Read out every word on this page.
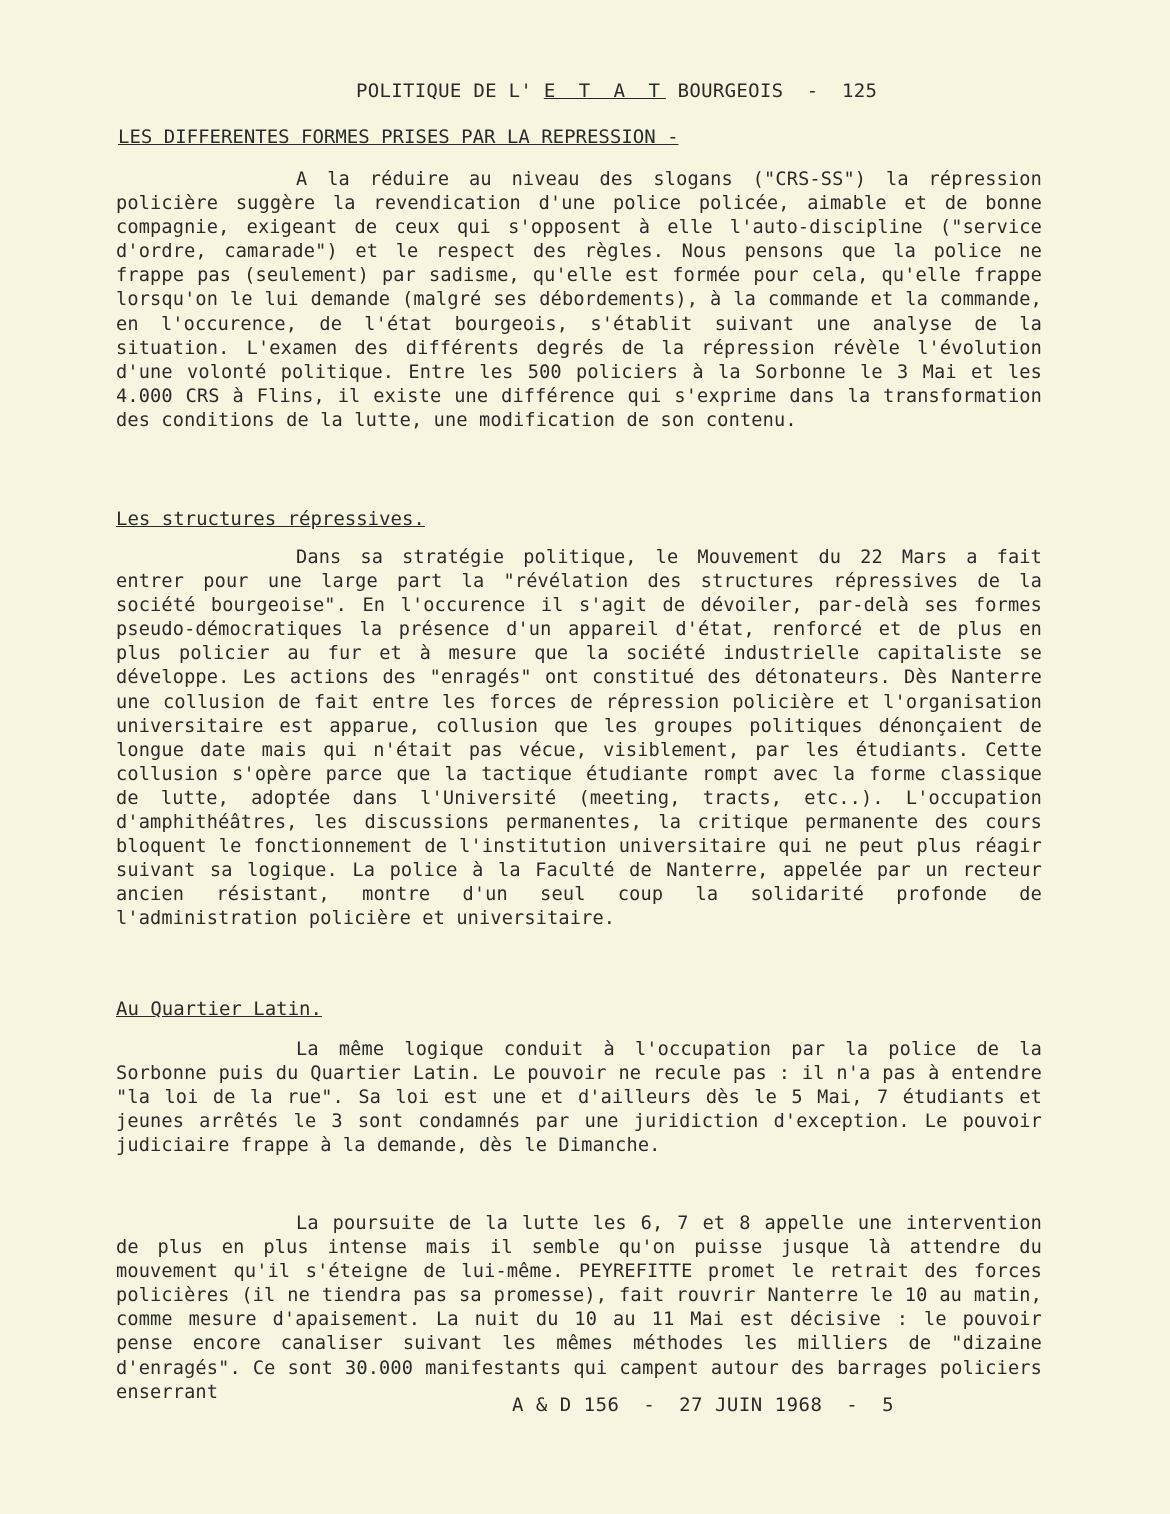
POLITIQUE DE L' E T A T BOURGEOIS  -  125
LES DIFFERENTES FORMES PRISES PAR LA REPRESSION -

A la réduire au niveau des slogans ("CRS-SS") la répression policière suggère la revendication d'une police policée, aimable et de bonne compagnie, exigeant de ceux qui s'opposent à elle l'auto-discipline ("service d'ordre, camarade") et le respect des règles. Nous pensons que la police ne frappe pas (seulement) par sadisme, qu'elle est formée pour cela, qu'elle frappe lorsqu'on le lui demande (malgré ses débordements), à la commande et la commande, en l'occurence, de l'état bourgeois, s'établit suivant une analyse de la situation. L'examen des différents degrés de la répression révèle l'évolution d'une volonté politique. Entre les 500 policiers à la Sorbonne le 3 Mai et les 4.000 CRS à Flins, il existe une différence qui s'exprime dans la transformation des conditions de la lutte, une modification de son contenu.

Les structures répressives.

Dans sa stratégie politique, le Mouvement du 22 Mars a fait entrer pour une large part la "révélation des structures répressives de la société bourgeoise". En l'occurence il s'agit de dévoiler, par-delà ses formes pseudo-démocratiques la présence d'un appareil d'état, renforcé et de plus en plus policier au fur et à mesure que la société industrielle capitaliste se développe. Les actions des "enragés" ont constitué des détonateurs. Dès Nanterre une collusion de fait entre les forces de répression policière et l'organisation universitaire est apparue, collusion que les groupes politiques dénonçaient de longue date mais qui n'était pas vécue, visiblement, par les étudiants. Cette collusion s'opère parce que la tactique étudiante rompt avec la forme classique de lutte, adoptée dans l'Université (meeting, tracts, etc..). L'occupation d'amphithéâtres, les discussions permanentes, la critique permanente des cours bloquent le fonctionnement de l'institution universitaire qui ne peut plus réagir suivant sa logique. La police à la Faculté de Nanterre, appelée par un recteur ancien résistant, montre d'un seul coup la solidarité profonde de l'administration policière et universitaire.

Au Quartier Latin.

La même logique conduit à l'occupation par la police de la Sorbonne puis du Quartier Latin. Le pouvoir ne recule pas : il n'a pas à entendre "la loi de la rue". Sa loi est une et d'ailleurs dès le 5 Mai, 7 étudiants et jeunes arrêtés le 3 sont condamnés par une juridiction d'exception. Le pouvoir judiciaire frappe à la demande, dès le Dimanche.

La poursuite de la lutte les 6, 7 et 8 appelle une intervention de plus en plus intense mais il semble qu'on puisse jusque là attendre du mouvement qu'il s'éteigne de lui-même. PEYREFITTE promet le retrait des forces policières (il ne tiendra pas sa promesse), fait rouvrir Nanterre le 10 au matin, comme mesure d'apaisement. La nuit du 10 au 11 Mai est décisive : le pouvoir pense encore canaliser suivant les mêmes méthodes les milliers de "dizaine d'enragés". Ce sont 30.000 manifestants qui campent autour des barrages policiers enserrant

A & D 156  -  27 JUIN 1968  -  5
